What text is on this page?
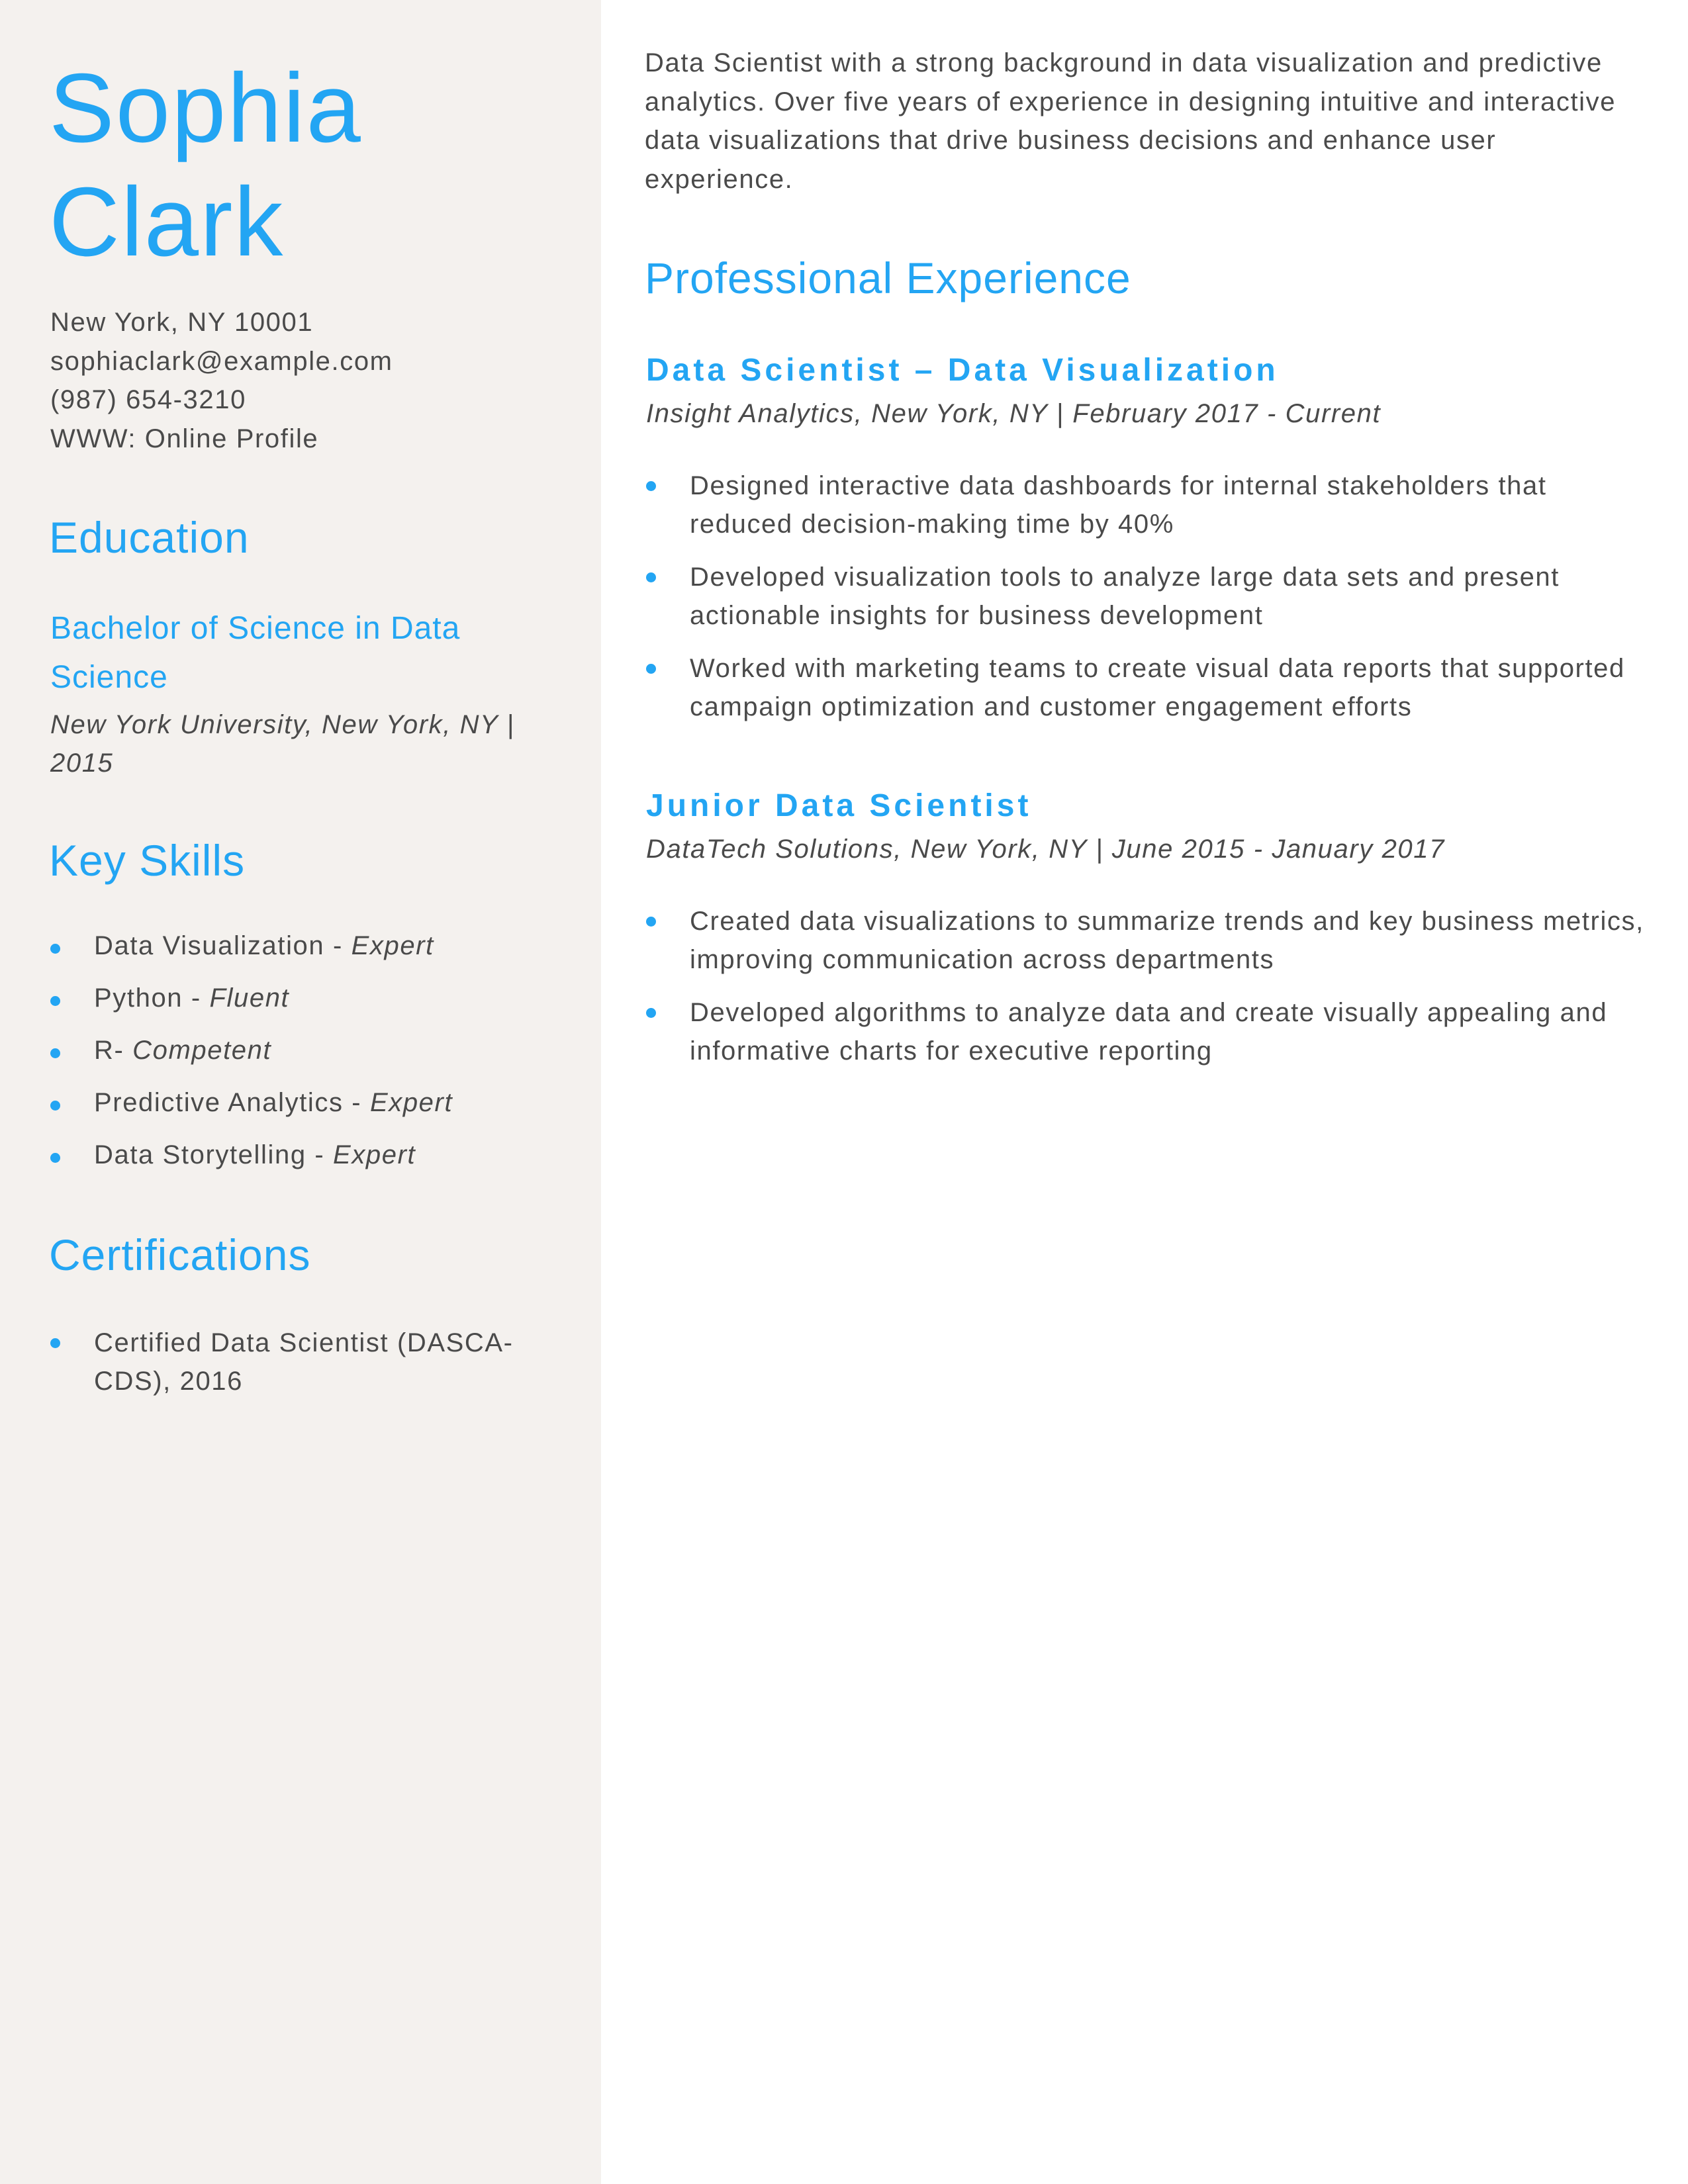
Sophia
Clark
New York, NY 10001
sophiaclark@example.com
(987) 654-3210
WWW: Online Profile
Education
Bachelor of Science in Data Science
New York University, New York, NY | 2015
Key Skills
Data Visualization - Expert
Python - Fluent
R- Competent
Predictive Analytics - Expert
Data Storytelling - Expert
Certifications
Certified Data Scientist (DASCA-CDS), 2016

Data Scientist with a strong background in data visualization and predictive analytics. Over five years of experience in designing intuitive and interactive data visualizations that drive business decisions and enhance user experience.

Professional Experience
Data Scientist – Data Visualization
Insight Analytics, New York, NY | February 2017 - Current
Designed interactive data dashboards for internal stakeholders that reduced decision-making time by 40%
Developed visualization tools to analyze large data sets and present actionable insights for business development
Worked with marketing teams to create visual data reports that supported campaign optimization and customer engagement efforts
Junior Data Scientist
DataTech Solutions, New York, NY | June 2015 - January 2017
Created data visualizations to summarize trends and key business metrics, improving communication across departments
Developed algorithms to analyze data and create visually appealing and informative charts for executive reporting
